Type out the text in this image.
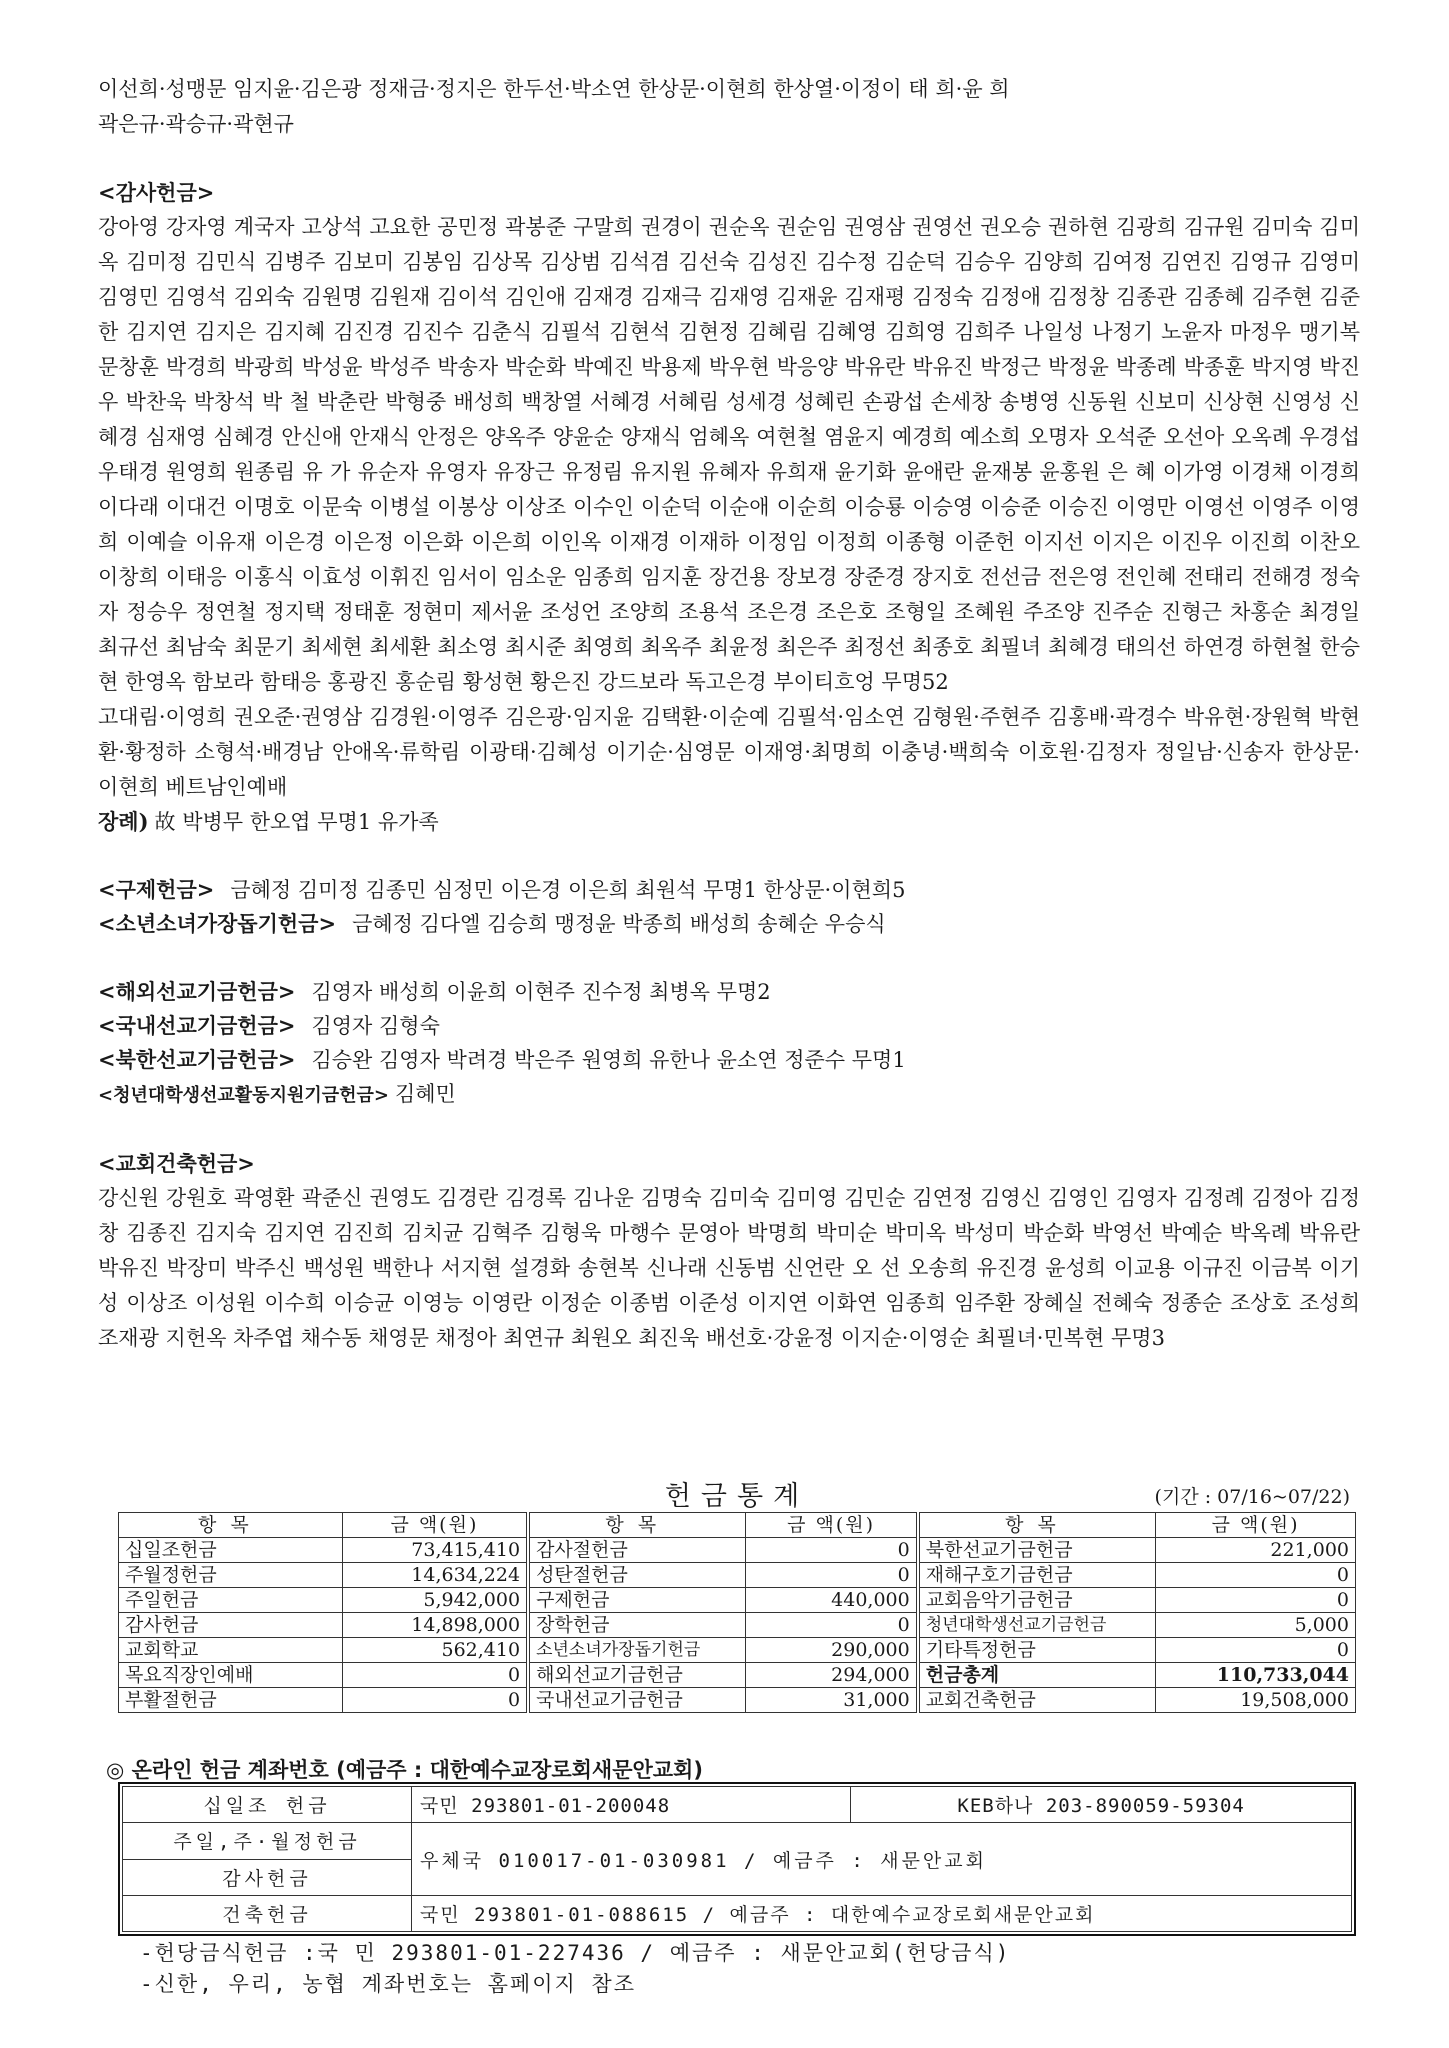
이선희·성맹문 임지윤·김은광 정재금·정지은 한두선·박소연 한상문·이현희 한상열·이정이 태 희·윤 희

곽은규·곽승규·곽현규

<감사헌금>

강아영 강자영 계국자 고상석 고요한 공민정 곽봉준 구말희 권경이 권순옥 권순임 권영삼 권영선 권오승 권하현 김광희 김규원 김미숙 김미옥 김미정 김민식 김병주 김보미 김봉임 김상목 김상범 김석겸 김선숙 김성진 김수정 김순덕 김승우 김양희 김여정 김연진 김영규 김영미 김영민 김영석 김외숙 김원명 김원재 김이석 김인애 김재경 김재극 김재영 김재윤 김재평 김정숙 김정애 김정창 김종관 김종혜 김주현 김준한 김지연 김지은 김지혜 김진경 김진수 김춘식 김필석 김현석 김현정 김혜림 김혜영 김희영 김희주 나일성 나정기 노윤자 마정우 맹기복 문창훈 박경희 박광희 박성윤 박성주 박송자 박순화 박예진 박용제 박우현 박응양 박유란 박유진 박정근 박정윤 박종례 박종훈 박지영 박진우 박찬욱 박창석 박 철 박춘란 박형중 배성희 백창열 서혜경 서혜림 성세경 성혜린 손광섭 손세창 송병영 신동원 신보미 신상현 신영성 신혜경 심재영 심혜경 안신애 안재식 안정은 양옥주 양윤순 양재식 엄혜옥 여현철 염윤지 예경희 예소희 오명자 오석준 오선아 오옥례 우경섭 우태경 원영희 원종림 유 가 유순자 유영자 유장근 유정림 유지원 유혜자 유희재 윤기화 윤애란 윤재봉 윤홍원 은 혜 이가영 이경채 이경희 이다래 이대건 이명호 이문숙 이병설 이봉상 이상조 이수인 이순덕 이순애 이순희 이승룡 이승영 이승준 이승진 이영만 이영선 이영주 이영희 이예슬 이유재 이은경 이은정 이은화 이은희 이인옥 이재경 이재하 이정임 이정희 이종형 이준헌 이지선 이지은 이진우 이진희 이찬오 이창희 이태응 이홍식 이효성 이휘진 임서이 임소운 임종희 임지훈 장건용 장보경 장준경 장지호 전선금 전은영 전인혜 전태리 전해경 정숙자 정승우 정연철 정지택 정태훈 정현미 제서윤 조성언 조양희 조용석 조은경 조은호 조형일 조혜원 주조양 진주순 진형근 차홍순 최경일 최규선 최남숙 최문기 최세현 최세환 최소영 최시준 최영희 최옥주 최윤정 최은주 최정선 최종호 최필녀 최혜경 태의선 하연경 하현철 한승현 한영옥 함보라 함태응 홍광진 홍순림 황성현 황은진 강드보라 독고은경 부이티흐엉 무명52

고대림·이영희 권오준·권영삼 김경원·이영주 김은광·임지윤 김택환·이순예 김필석·임소연 김형원·주현주 김홍배·곽경수 박유현·장원혁 박현환·황정하 소형석·배경남 안애옥·류학림 이광태·김혜성 이기순·심영문 이재영·최명희 이충녕·백희숙 이호원·김정자 정일남·신송자 한상문·이현희 베트남인예배

장례) 故 박병무 한오엽 무명1 유가족

<구제헌금> 금혜정 김미정 김종민 심정민 이은경 이은희 최원석 무명1 한상문·이현희5

<소년소녀가장돕기헌금> 금혜정 김다엘 김승희 맹정윤 박종희 배성희 송혜순 우승식

<해외선교기금헌금> 김영자 배성희 이윤희 이현주 진수정 최병옥 무명2

<국내선교기금헌금> 김영자 김형숙

<북한선교기금헌금> 김승완 김영자 박려경 박은주 원영희 유한나 윤소연 정준수 무명1

<청년대학생선교활동지원기금헌금> 김혜민

<교회건축헌금>

강신원 강원호 곽영환 곽준신 권영도 김경란 김경록 김나운 김명숙 김미숙 김미영 김민순 김연정 김영신 김영인 김영자 김정례 김정아 김정창 김종진 김지숙 김지연 김진희 김치균 김혁주 김형욱 마행수 문영아 박명희 박미순 박미옥 박성미 박순화 박영선 박예순 박옥례 박유란 박유진 박장미 박주신 백성원 백한나 서지현 설경화 송현복 신나래 신동범 신언란 오 선 오송희 유진경 윤성희 이교용 이규진 이금복 이기성 이상조 이성원 이수희 이승균 이영능 이영란 이정순 이종범 이준성 이지연 이화연 임종희 임주환 장혜실 전혜숙 정종순 조상호 조성희 조재광 지헌옥 차주엽 채수동 채영문 채정아 최연규 최원오 최진욱 배선호·강윤정 이지순·이영순 최필녀·민복현 무명3

헌금통계	(기간 : 07/16~07/22)
항목	금 액(원)	항목	금 액(원)	항목	금 액(원)
십일조헌금	73,415,410	감사절헌금	0	북한선교기금헌금	221,000
주월정헌금	14,634,224	성탄절헌금	0	재해구호기금헌금	0
주일헌금	5,942,000	구제헌금	440,000	교회음악기금헌금	0
감사헌금	14,898,000	장학헌금	0	청년대학생선교기금헌금	5,000
교회학교	562,410	소년소녀가장돕기헌금	290,000	기타특정헌금	0
목요직장인예배	0	해외선교기금헌금	294,000	헌금총계	110,733,044
부활절헌금	0	국내선교기금헌금	31,000	교회건축헌금	19,508,000
◎ 온라인 헌금 계좌번호 (예금주 : 대한예수교장로회새문안교회)
십일조 헌금	국민 293801-01-200048	KEB하나 203-890059-59304
주일,주·월정헌금	우체국 010017-01-030981 / 예금주 : 새문안교회	
감사헌금		
건축헌금	국민 293801-01-088615 / 예금주 : 대한예수교장로회새문안교회	
-헌당금식헌금 :국 민 293801-01-227436 / 예금주 : 새문안교회(헌당금식)
-신한, 우리, 농협 계좌번호는 홈페이지 참조
